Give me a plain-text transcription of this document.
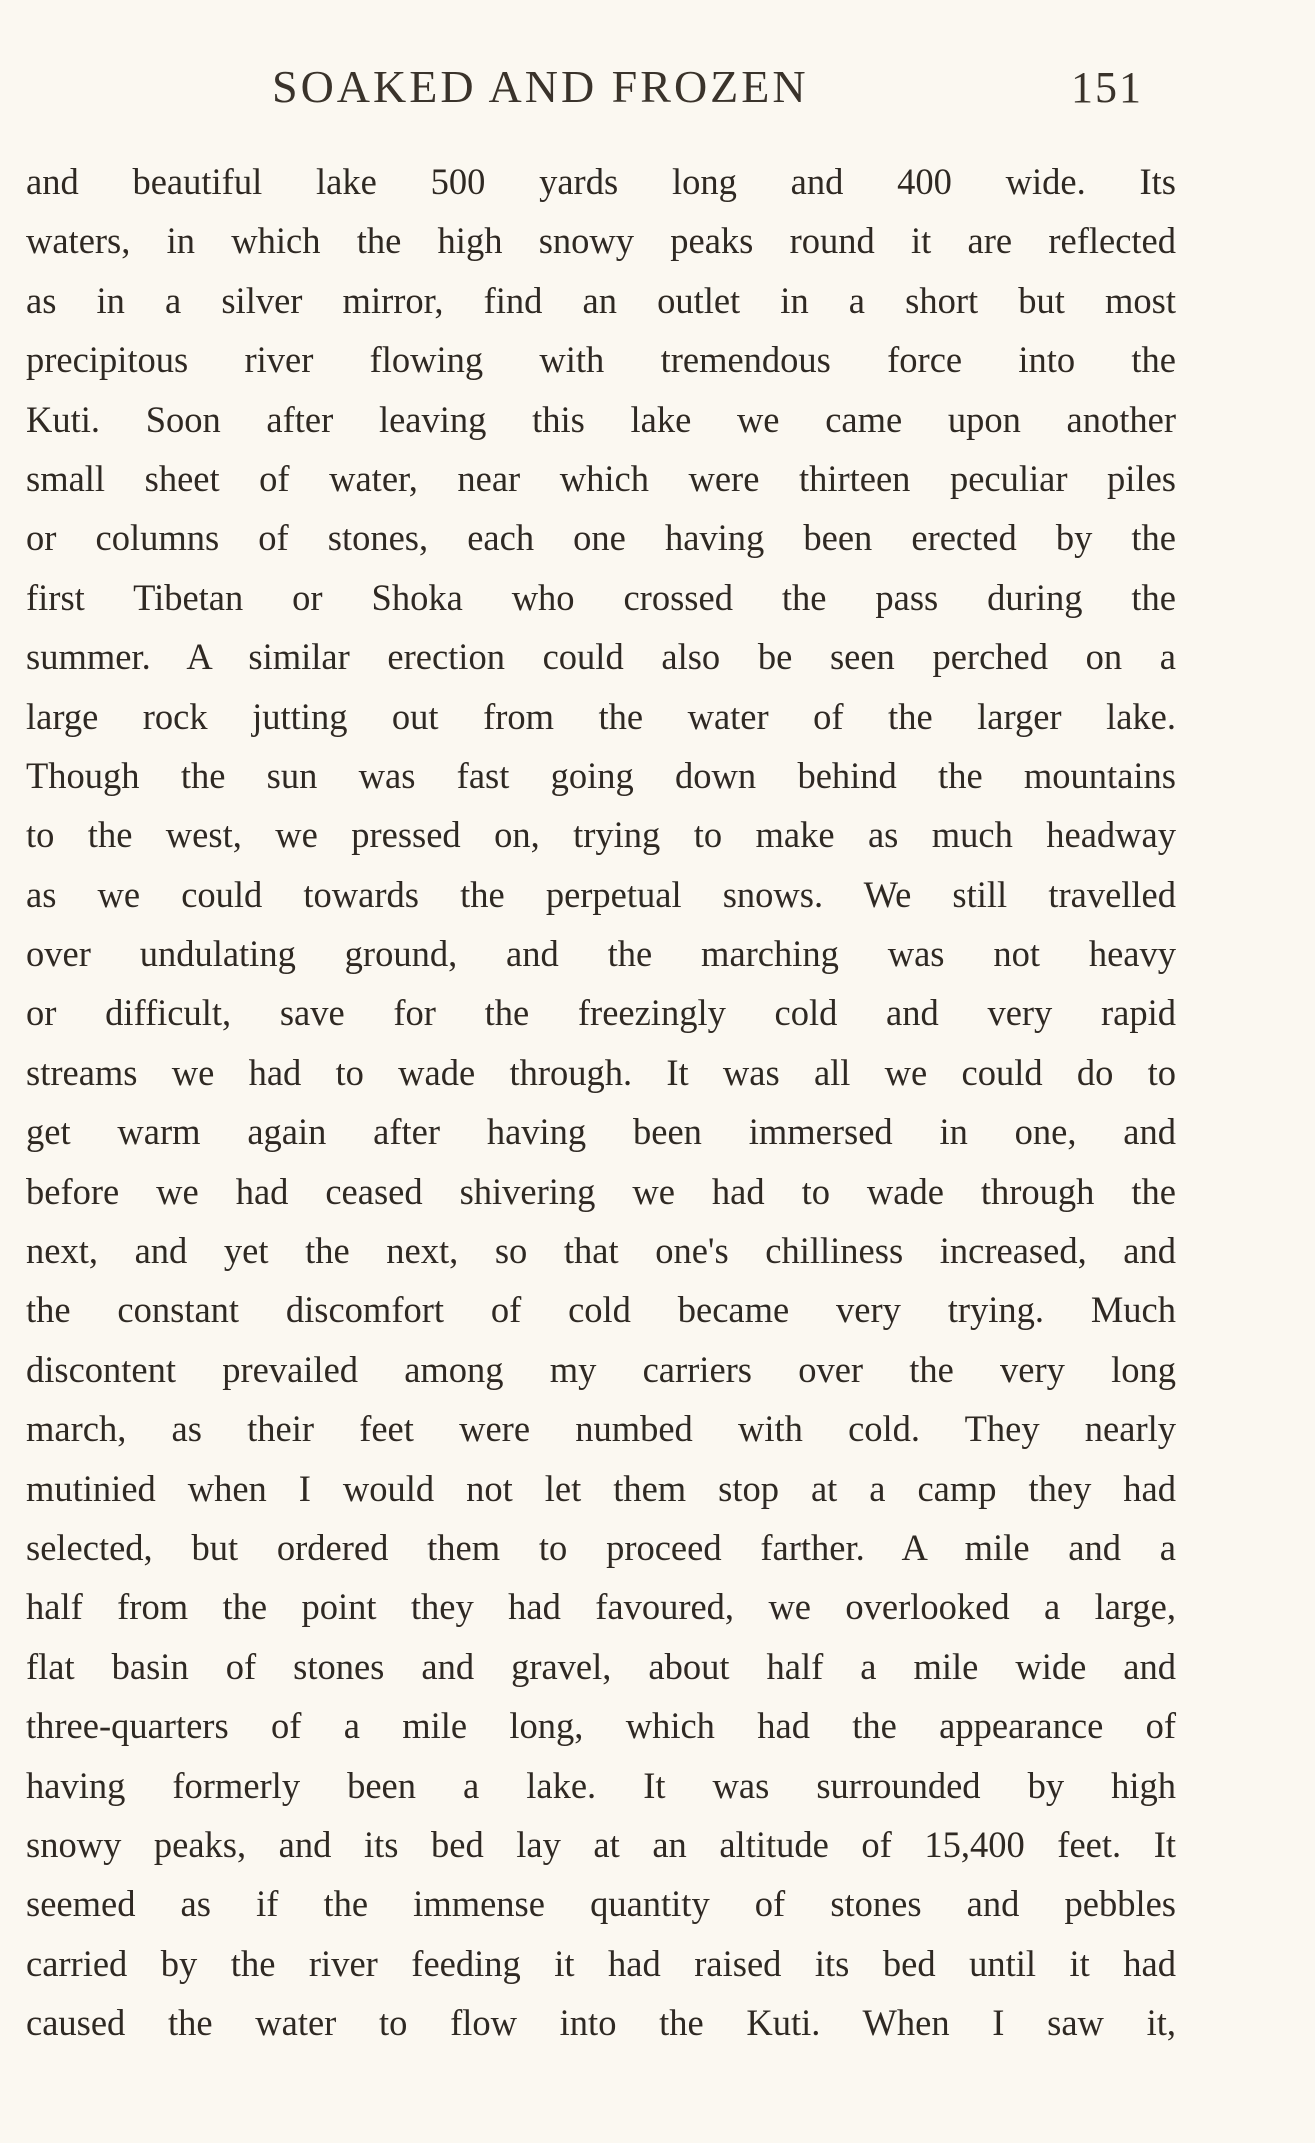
SOAKED AND FROZEN	151
and beautiful lake 500 yards long and 400 wide. Its
waters, in which the high snowy peaks round it are reflected
as in a silver mirror, find an outlet in a short but most
precipitous river flowing with tremendous force into the
Kuti. Soon after leaving this lake we came upon another
small sheet of water, near which were thirteen peculiar piles
or columns of stones, each one having been erected by the
first Tibetan or Shoka who crossed the pass during the
summer. A similar erection could also be seen perched on a
large rock jutting out from the water of the larger lake.
Though the sun was fast going down behind the mountains
to the west, we pressed on, trying to make as much headway
as we could towards the perpetual snows. We still travelled
over undulating ground, and the marching was not heavy
or difficult, save for the freezingly cold and very rapid
streams we had to wade through. It was all we could do to
get warm again after having been immersed in one, and
before we had ceased shivering we had to wade through the
next, and yet the next, so that one's chilliness increased, and
the constant discomfort of cold became very trying. Much
discontent prevailed among my carriers over the very long
march, as their feet were numbed with cold. They nearly
mutinied when I would not let them stop at a camp they had
selected, but ordered them to proceed farther. A mile and a
half from the point they had favoured, we overlooked a large,
flat basin of stones and gravel, about half a mile wide and
three-quarters of a mile long, which had the appearance of
having formerly been a lake. It was surrounded by high
snowy peaks, and its bed lay at an altitude of 15,400 feet. It
seemed as if the immense quantity of stones and pebbles
carried by the river feeding it had raised its bed until it had
caused the water to flow into the Kuti. When I saw it,
